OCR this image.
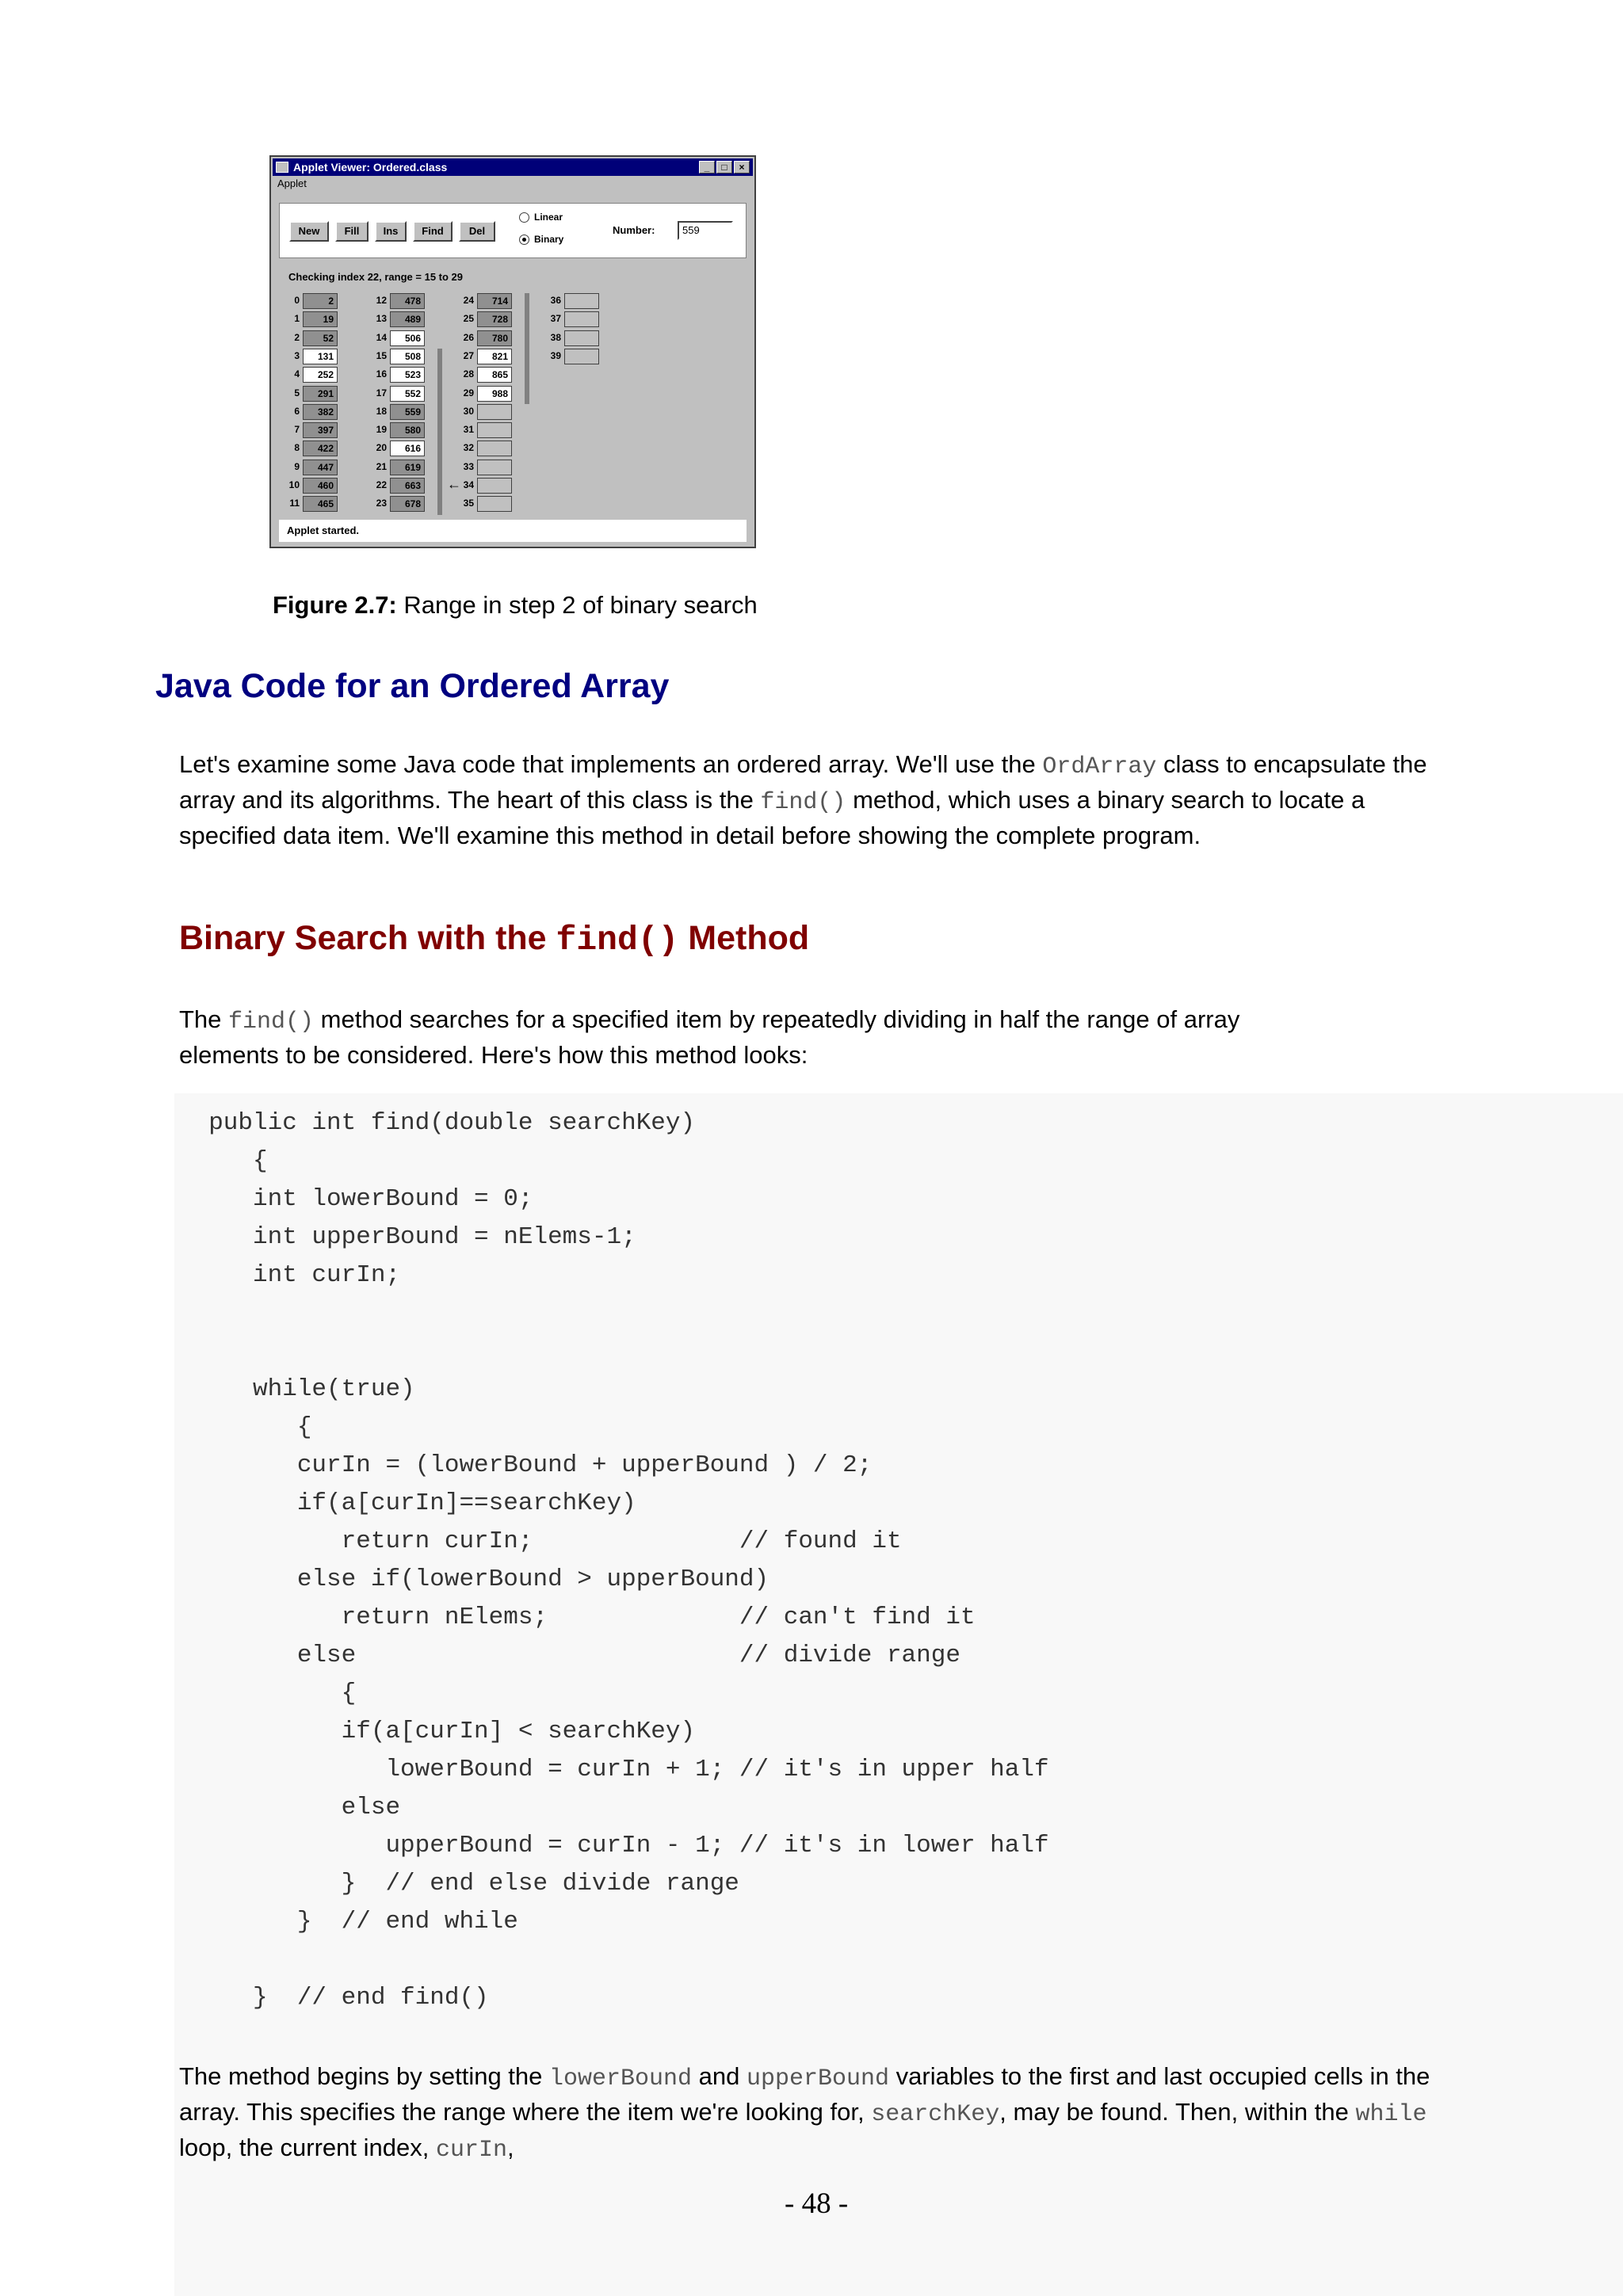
Applet Viewer: Ordered.class	_	□	×
Applet
New	Fill	Ins	Find	Del
Linear
Binary
Number:	559
Checking index 22, range = 15 to 29
0	2
1	19
2	52
3	131
4	252
5	291
6	382
7	397
8	422
9	447
10	460
11	465
12	478
13	489
14	506
15	508
16	523
17	552
18	559
19	580
20	616
21	619
22	663
23	678
24	714
25	728
26	780
27	821
28	865
29	988
30
31
32
33
34
35
36
37
38
39
←
Applet started.
Figure 2.7: Range in step 2 of binary search
Java Code for an Ordered Array
Let's examine some Java code that implements an ordered array. We'll use the OrdArray class to encapsulate the array and its algorithms. The heart of this class is the find() method, which uses a binary search to locate a specified data item. We'll examine this method in detail before showing the complete program.
Binary Search with the find() Method
The find() method searches for a specified item by repeatedly dividing in half the range of array elements to be considered. Here's how this method looks:
public int find(double searchKey)
{
int lowerBound = 0;
int upperBound = nElems-1;
int curIn;

while(true)
{
curIn = (lowerBound + upperBound ) / 2;
if(a[curIn]==searchKey)
return curIn;              // found it
else if(lowerBound > upperBound)
return nElems;             // can't find it
else                          // divide range
{
if(a[curIn] < searchKey)
lowerBound = curIn + 1; // it's in upper half
else
upperBound = curIn - 1; // it's in lower half
}  // end else divide range
}  // end while

}  // end find()
The method begins by setting the lowerBound and upperBound variables to the first and last occupied cells in the array. This specifies the range where the item we're looking for, searchKey, may be found. Then, within the while loop, the current index, curIn,
- 48 -
